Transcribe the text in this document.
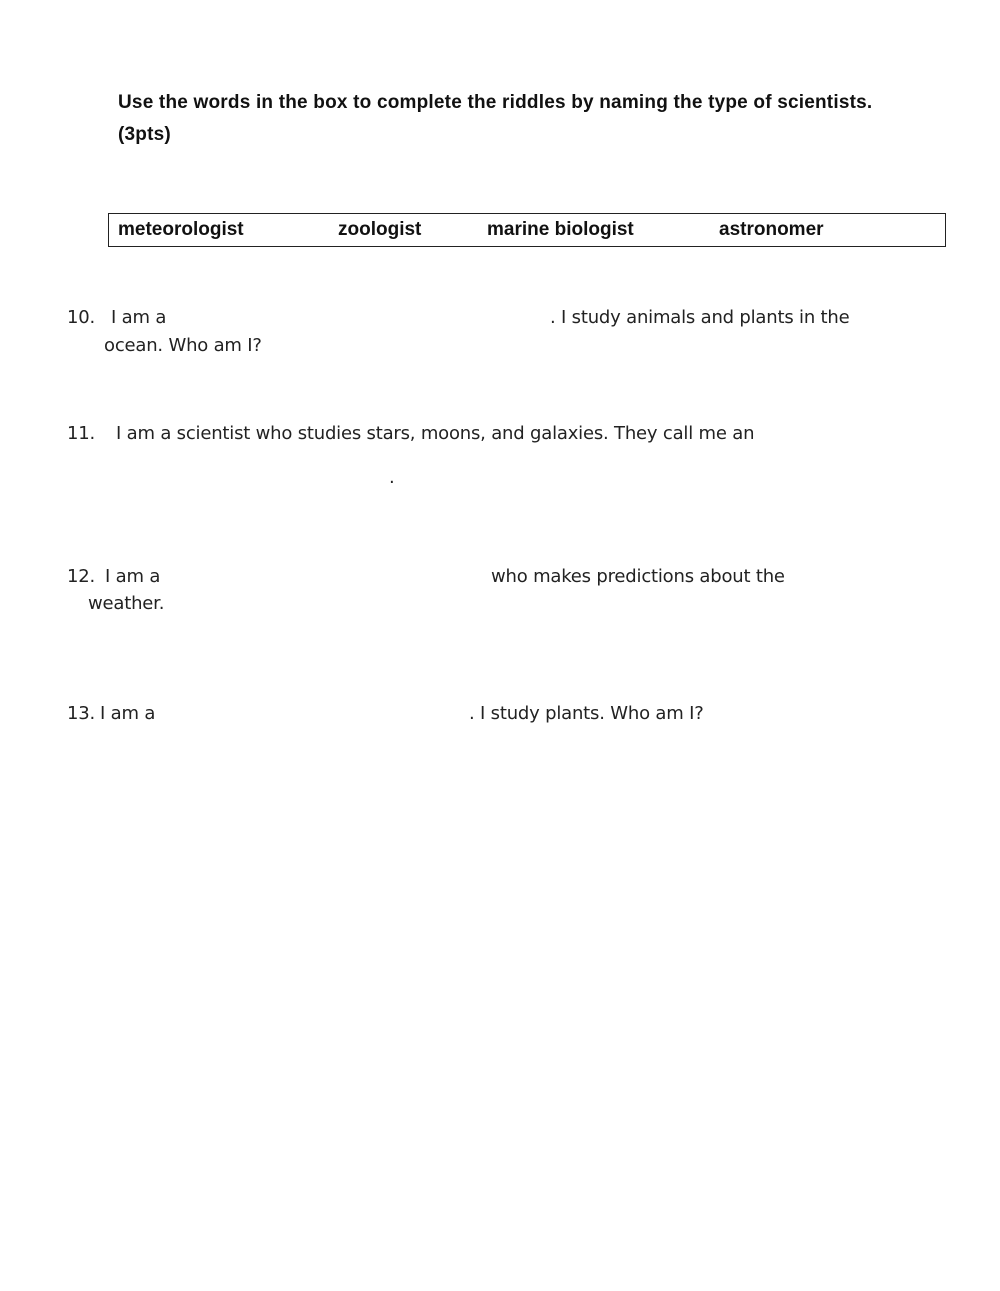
Use the words in the box to complete the riddles by naming the type of scientists. (3pts)
meteorologist	zoologist	marine biologist	astronomer
10. I am a	. I study animals and plants in the
ocean. Who am I?
11. I am a scientist who studies stars, moons, and galaxies. They call me an
.
12. I am a	who makes predictions about the
weather.
13. I am a	. I study plants. Who am I?
